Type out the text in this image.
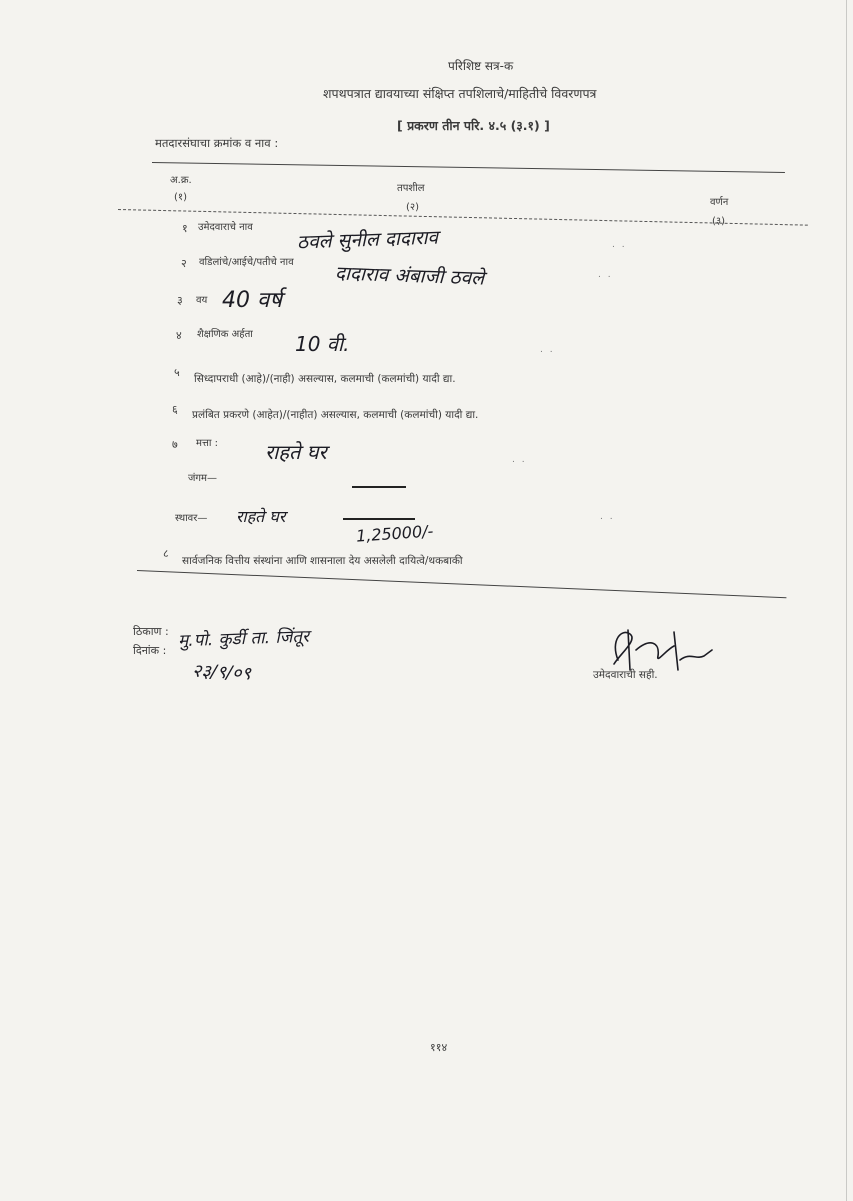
परिशिष्ट सत्र-क
शपथपत्रात द्यावयाच्या संक्षिप्त तपशिलाचे/माहितीचे विवरणपत्र
[ प्रकरण तीन परि. ४.५ (३.१) ]
मतदारसंघाचा क्रमांक व नाव :
अ.क्र.
(१)
तपशील
(२)	वर्णन
(३)
१ उमेदवाराचे नाव ठवले सुनील दादाराव
२ वडिलांचे/आईचे/पतीचे नाव दादाराव अंबाजी ठवले
३ वय 40 वर्ष
४ शैक्षणिक अर्हता 10 वी.
५ सिध्दापराधी (आहे)/(नाही) असल्यास, कलमाची (कलमांची) यादी द्या.
६ प्रलंबित प्रकरणे (आहेत)/(नाहीत) असल्यास, कलमाची (कलमांची) यादी द्या.
७ मत्ता : राहते घर
जंगम—
स्थावर— राहते घर
1,25000/-
८
सार्वजनिक वित्तीय संस्थांना आणि शासनाला देय असलेली दायित्वे/थकबाकी
. .
. .
. .
. .
. .
ठिकाण : मु.पो. कुर्डी ता. जिंतूर
दिनांक :
२३/९/०९	उमेदवाराची सही.
११४
